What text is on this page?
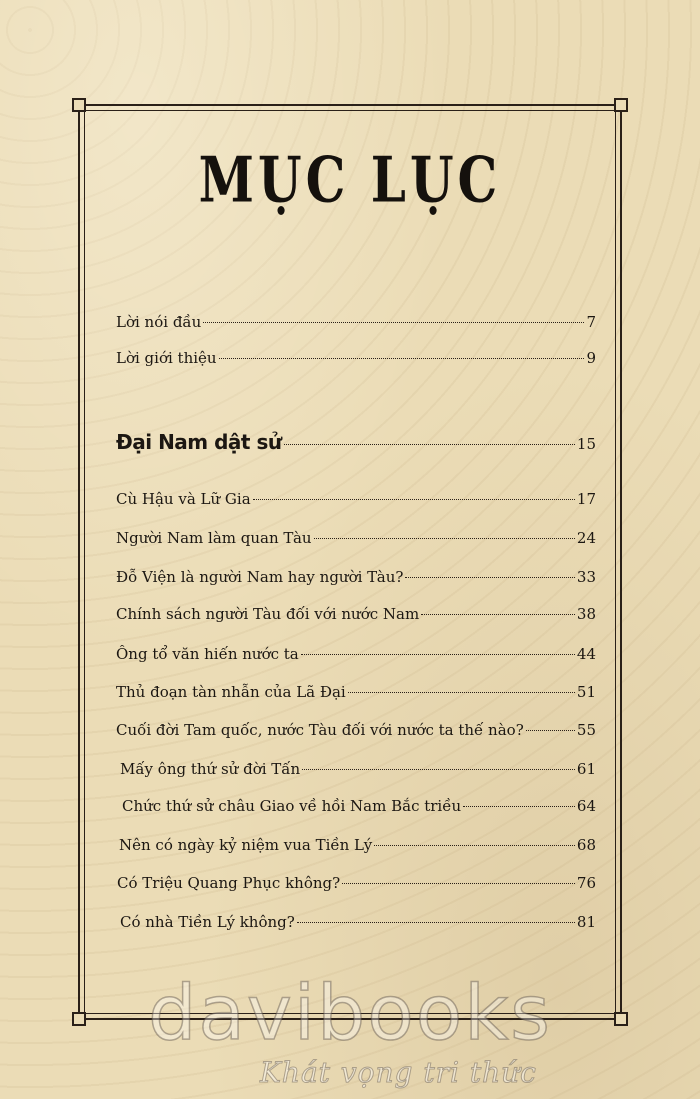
MỤC LỤC
Lời nói đầu	7
Lời giới thiệu	9
Đại Nam dật sử	15
Cù Hậu và Lữ Gia	17
Người Nam làm quan Tàu	24
Đỗ Viện là người Nam hay người Tàu?	33
Chính sách người Tàu đối với nước Nam	38
Ông tổ văn hiến nước ta	44
Thủ đoạn tàn nhẫn của Lã Đại	51
Cuối đời Tam quốc, nước Tàu đối với nước ta thế nào?	55
Mấy ông thứ sử đời Tấn	61
Chức thứ sử châu Giao về hồi Nam Bắc triều	64
Nên có ngày kỷ niệm vua Tiền Lý	68
Có Triệu Quang Phục không?	76
Có nhà Tiền Lý không?	81
davibooks
Khát vọng tri thức
